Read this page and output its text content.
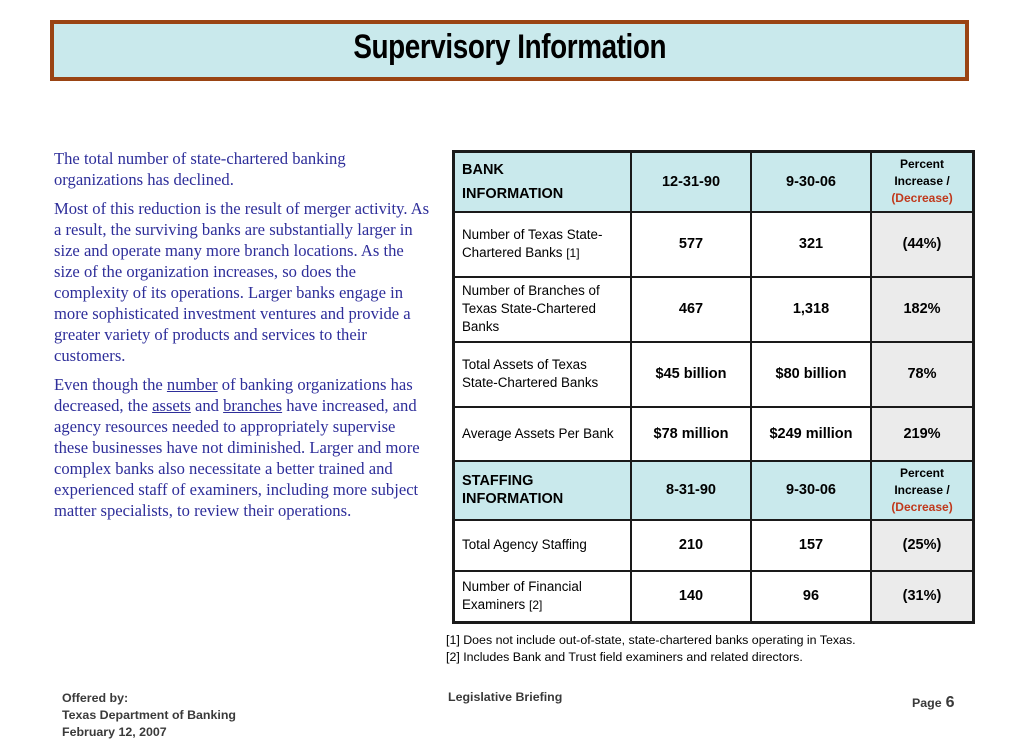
Supervisory Information

The total number of state-chartered banking organizations has declined.

Most of this reduction is the result of merger activity. As a result, the surviving banks are substantially larger in size and operate many more branch locations. As the size of the organization increases, so does the complexity of its operations. Larger banks engage in more sophisticated investment ventures and provide a greater variety of products and services to their customers.

Even though the number of banking organizations has decreased, the assets and branches have increased, and agency resources needed to appropriately supervise these businesses have not diminished. Larger and more complex banks also necessitate a better trained and experienced staff of examiners, including more subject matter specialists, to review their operations.

BANK INFORMATION	12-31-90	9-30-06	Percent Increase /
(Decrease)
Number of Texas State-Chartered Banks [1]	577	321	(44%)
Number of Branches of Texas State-Chartered Banks	467	1,318	182%
Total Assets of Texas State-Chartered Banks	$45 billion	$80 billion	78%
Average Assets Per Bank	$78 million	$249 million	219%
STAFFING INFORMATION	8-31-90	9-30-06	Percent Increase /
(Decrease)
Total Agency Staffing	210	157	(25%)
Number of Financial Examiners [2]	140	96	(31%)
[1] Does not include out-of-state, state-chartered banks operating in Texas.
[2] Includes Bank and Trust field examiners and related directors.
Offered by:
Texas Department of Banking
February 12, 2007
Legislative Briefing	Page 6
